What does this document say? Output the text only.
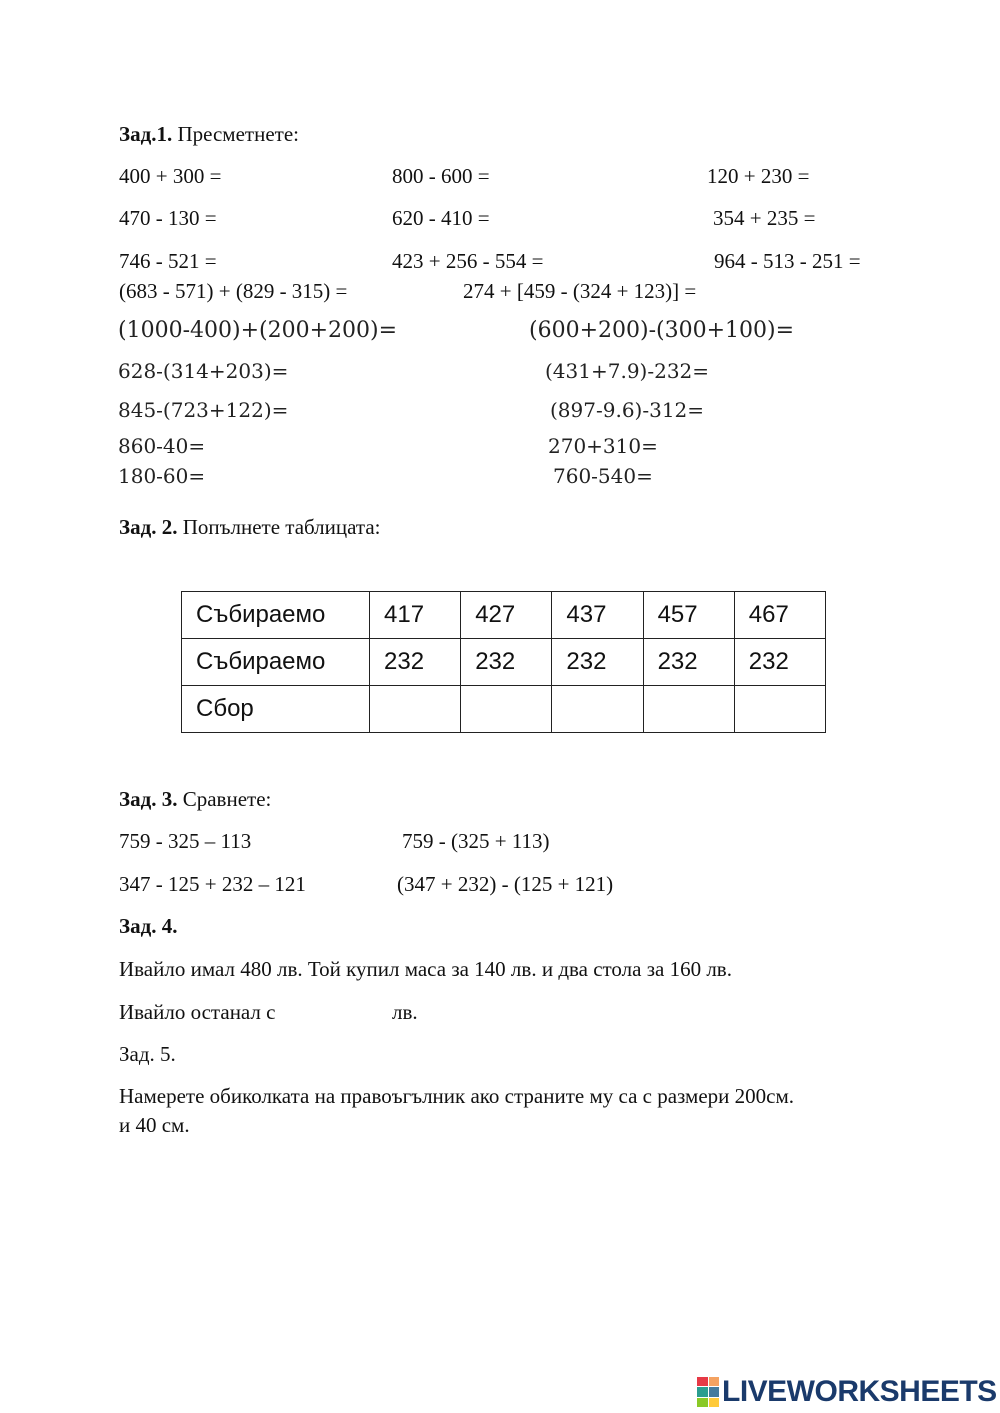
Зад.1. Пресметнете:
400 + 300 =	800 - 600 =	120 + 230 =
470 - 130 =	620 - 410 =	354 + 235 =
746 - 521 =	423 + 256 - 554 =	964 - 513 - 251 =
(683 - 571) + (829 - 315) =	274 + [459 - (324 + 123)] =
(1000-400)+(200+200)=	(600+200)-(300+100)=
628-(314+203)=	(431+7.9)-232=
845-(723+122)=	(897-9.6)-312=
860-40=	270+310=
180-60=	760-540=
Зад. 2. Попълнете таблицата:
Събираемо	417	427	437	457	467
Събираемо	232	232	232	232	232
Сбор					
Зад. 3. Сравнете:
759 - 325 – 113	759 - (325 + 113)
347 - 125 + 232 – 121	(347 + 232) - (125 + 121)
Зад. 4.
Ивайло имал 480 лв. Той купил маса за 140 лв. и два стола за 160 лв.
Ивайло останал с	лв.
Зад. 5.
Намерете обиколката на правоъгълник ако страните му са с размери 200см.
и 40 см.
LIVEWORKSHEETS
